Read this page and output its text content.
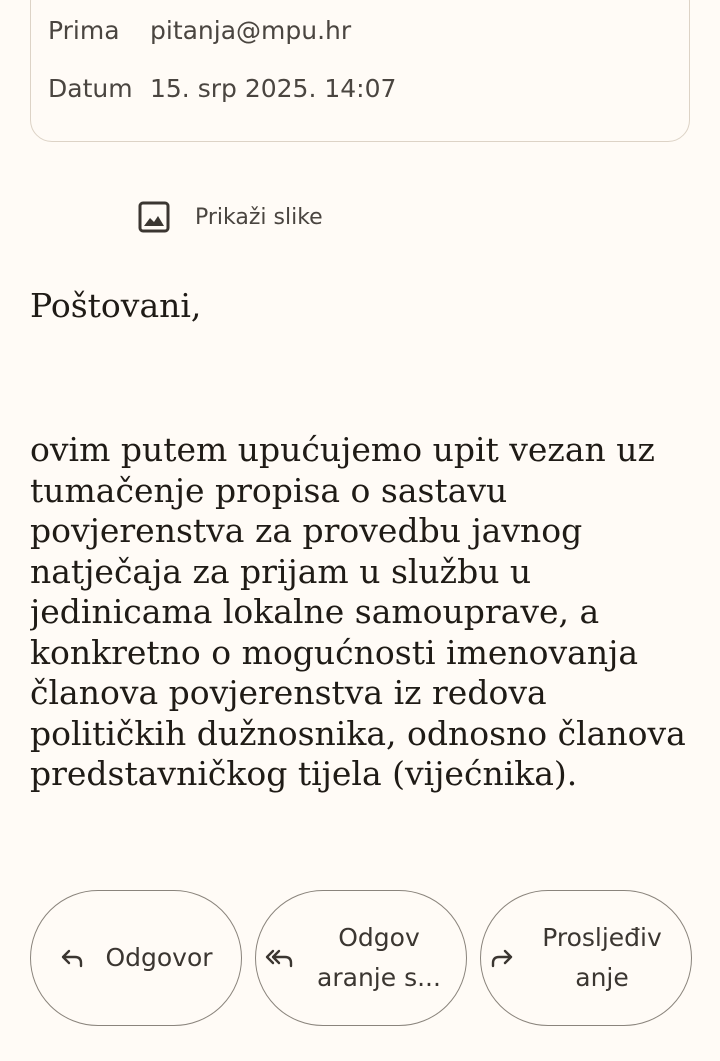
Prima pitanja@mpu.hr
Datum 15. srp 2025. 14:07
Prikaži slike

Poštovani,

ovim putem upućujemo upit vezan uz tumačenje propisa o sastavu povjerenstva za provedbu javnog natječaja za prijam u službu u jedinicama lokalne samouprave, a konkretno o mogućnosti imenovanja članova povjerenstva iz redova političkih dužnosnika, odnosno članova predstavničkog tijela (vijećnika).

Odgovor
Odgov
aranje s...
Prosljeđiv
anje
